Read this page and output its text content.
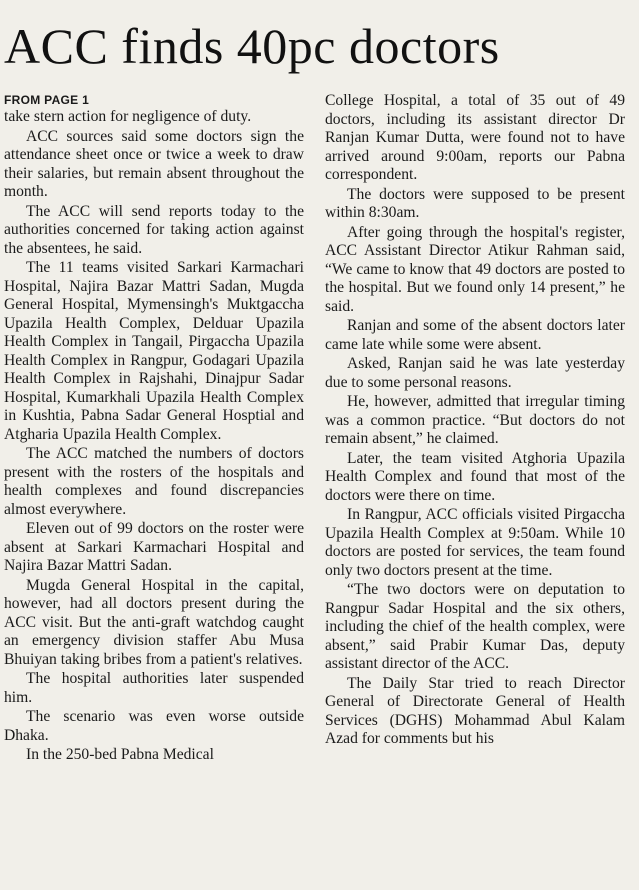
ACC finds 40pc doctors

FROM PAGE 1

take stern action for negligence of duty.

ACC sources said some doctors sign the attendance sheet once or twice a week to draw their salaries, but remain absent throughout the month.

The ACC will send reports today to the authorities concerned for taking action against the absentees, he said.

The 11 teams visited Sarkari Karmachari Hospital, Najira Bazar Mattri Sadan, Mugda General Hospital, Mymensingh's Muktgaccha Upazila Health Complex, Delduar Upazila Health Complex in Tangail, Pirgaccha Upazila Health Complex in Rangpur, Godagari Upazila Health Complex in Rajshahi, Dinajpur Sadar Hospital, Kumarkhali Upazila Health Complex in Kushtia, Pabna Sadar General Hosptial and Atgharia Upazila Health Complex.

The ACC matched the numbers of doctors present with the rosters of the hospitals and health complexes and found discrepancies almost everywhere.

Eleven out of 99 doctors on the roster were absent at Sarkari Karmachari Hospital and Najira Bazar Mattri Sadan.

Mugda General Hospital in the capital, however, had all doctors present during the ACC visit. But the anti-graft watchdog caught an emergency division staffer Abu Musa Bhuiyan taking bribes from a patient's relatives.

The hospital authorities later suspended him.

The scenario was even worse outside Dhaka.

In the 250-bed Pabna Medical

College Hospital, a total of 35 out of 49 doctors, including its assistant director Dr Ranjan Kumar Dutta, were found not to have arrived around 9:00am, reports our Pabna correspondent.

The doctors were supposed to be present within 8:30am.

After going through the hospital's register, ACC Assistant Director Atikur Rahman said, “We came to know that 49 doctors are posted to the hospital. But we found only 14 present,” he said.

Ranjan and some of the absent doctors later came late while some were absent.

Asked, Ranjan said he was late yesterday due to some personal reasons.

He, however, admitted that irregular timing was a common practice. “But doctors do not remain absent,” he claimed.

Later, the team visited Atghoria Upazila Health Complex and found that most of the doctors were there on time.

In Rangpur, ACC officials visited Pirgaccha Upazila Health Complex at 9:50am. While 10 doctors are posted for services, the team found only two doctors present at the time.

“The two doctors were on deputation to Rangpur Sadar Hospital and the six others, including the chief of the health complex, were absent,” said Prabir Kumar Das, deputy assistant director of the ACC.

The Daily Star tried to reach Director General of Directorate General of Health Services (DGHS) Mohammad Abul Kalam Azad for comments but his
